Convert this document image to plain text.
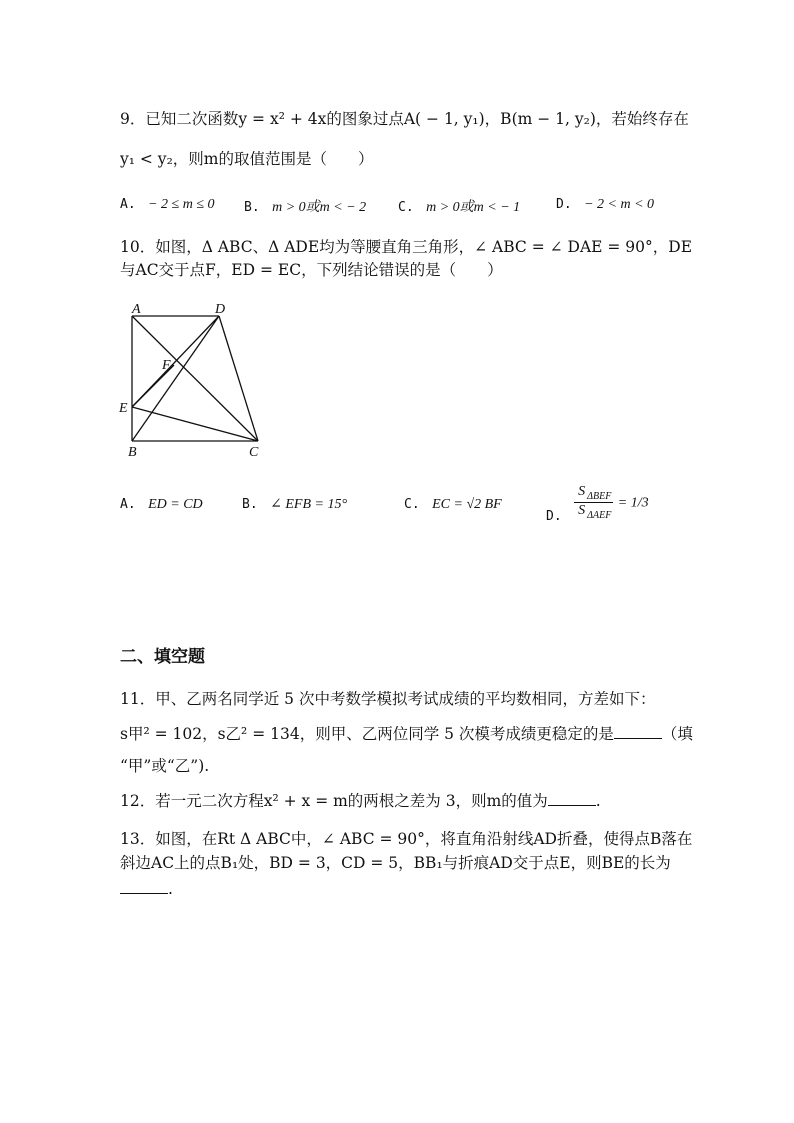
9．已知二次函数y = x² + 4x的图象过点A( − 1, y₁)，B(m − 1, y₂)，若始终存在
y₁ < y₂，则m的取值范围是（　　）
A. − 2 ≤ m ≤ 0 B. m > 0或m < − 2 C. m > 0或m < − 1	D. − 2 < m < 0
10．如图，Δ ABC、Δ ADE均为等腰直角三角形，∠ ABC = ∠ DAE = 90°，DE
与AC交于点F，ED = EC，下列结论错误的是（　　）
A	D
F
E
B	C
A. ED = CD	B. ∠ EFB = 15°	C. EC = √2 BF
D. $\frac{S _{\Delta BEF}}{S _{\Delta AEF}} = 1/3$
二、填空题
11．甲、乙两名同学近 5 次中考数学模拟考试成绩的平均数相同，方差如下：
s甲² = 102，s乙² = 134，则甲、乙两位同学 5 次模考成绩更稳定的是	（填
“甲”或“乙”).
12．若一元二次方程x² + x = m的两根之差为 3，则m的值为	.
13．如图，在Rt Δ ABC中，∠ ABC = 90°，将直角沿射线AD折叠，使得点B落在
斜边AC上的点B₁处，BD = 3，CD = 5，BB₁与折痕AD交于点E，则BE的长为
.
